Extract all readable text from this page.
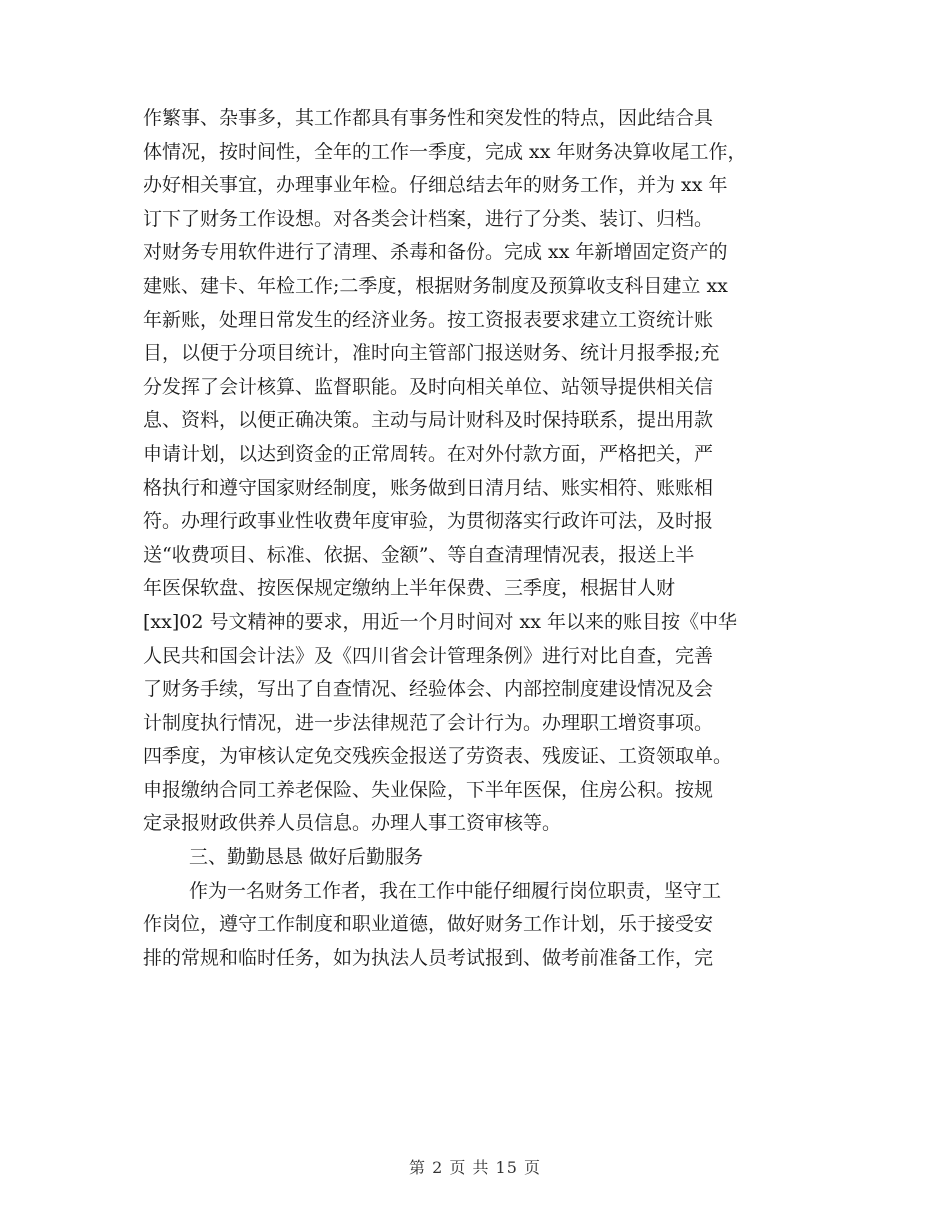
作繁事、杂事多，其工作都具有事务性和突发性的特点，因此结合具
体情况，按时间性，全年的工作一季度，完成 xx 年财务决算收尾工作，
办好相关事宜，办理事业年检。仔细总结去年的财务工作，并为 xx 年
订下了财务工作设想。对各类会计档案，进行了分类、装订、归档。
对财务专用软件进行了清理、杀毒和备份。完成 xx 年新增固定资产的
建账、建卡、年检工作;二季度，根据财务制度及预算收支科目建立 xx
年新账，处理日常发生的经济业务。按工资报表要求建立工资统计账
目，以便于分项目统计，准时向主管部门报送财务、统计月报季报;充
分发挥了会计核算、监督职能。及时向相关单位、站领导提供相关信
息、资料，以便正确决策。主动与局计财科及时保持联系，提出用款
申请计划，以达到资金的正常周转。在对外付款方面，严格把关，严
格执行和遵守国家财经制度，账务做到日清月结、账实相符、账账相
符。办理行政事业性收费年度审验，为贯彻落实行政许可法，及时报
送“收费项目、标准、依据、金额”、等自查清理情况表，报送上半
年医保软盘、按医保规定缴纳上半年保费、三季度，根据甘人财
[xx]02 号文精神的要求，用近一个月时间对 xx 年以来的账目按《中华
人民共和国会计法》及《四川省会计管理条例》进行对比自查，完善
了财务手续，写出了自查情况、经验体会、内部控制度建设情况及会
计制度执行情况，进一步法律规范了会计行为。办理职工增资事项。
四季度，为审核认定免交残疾金报送了劳资表、残废证、工资领取单。
申报缴纳合同工养老保险、失业保险，下半年医保，住房公积。按规
定录报财政供养人员信息。办理人事工资审核等。
三、勤勤恳恳 做好后勤服务
作为一名财务工作者，我在工作中能仔细履行岗位职责，坚守工
作岗位，遵守工作制度和职业道德，做好财务工作计划，乐于接受安
排的常规和临时任务，如为执法人员考试报到、做考前准备工作，完
第 2 页 共 15 页
